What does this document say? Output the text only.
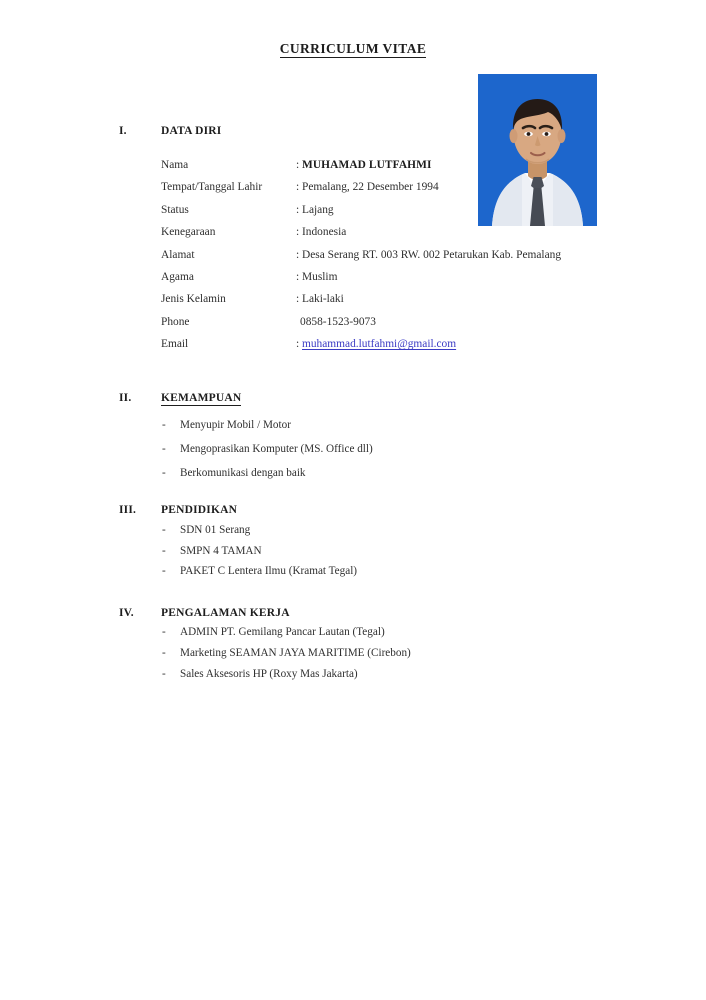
CURRICULUM VITAE
I.	DATA DIRI
Nama	: MUHAMAD LUTFAHMI
Tempat/Tanggal Lahir	: Pemalang, 22 Desember 1994
Status	: Lajang
Kenegaraan	: Indonesia
Alamat	: Desa Serang RT. 003 RW. 002 Petarukan Kab. Pemalang
Agama	: Muslim
Jenis Kelamin	: Laki-laki
Phone	0858-1523-9073
Email	: muhammad.lutfahmi@gmail.com
II.	KEMAMPUAN
- Menyupir Mobil / Motor
- Mengoprasikan Komputer (MS. Office dll)
- Berkomunikasi dengan baik
III. PENDIDIKAN
- SDN 01 Serang
- SMPN 4 TAMAN
- PAKET C Lentera Ilmu (Kramat Tegal)
IV. PENGALAMAN KERJA
- ADMIN PT. Gemilang Pancar Lautan (Tegal)
- Marketing SEAMAN JAYA MARITIME (Cirebon)
- Sales Aksesoris HP (Roxy Mas Jakarta)
